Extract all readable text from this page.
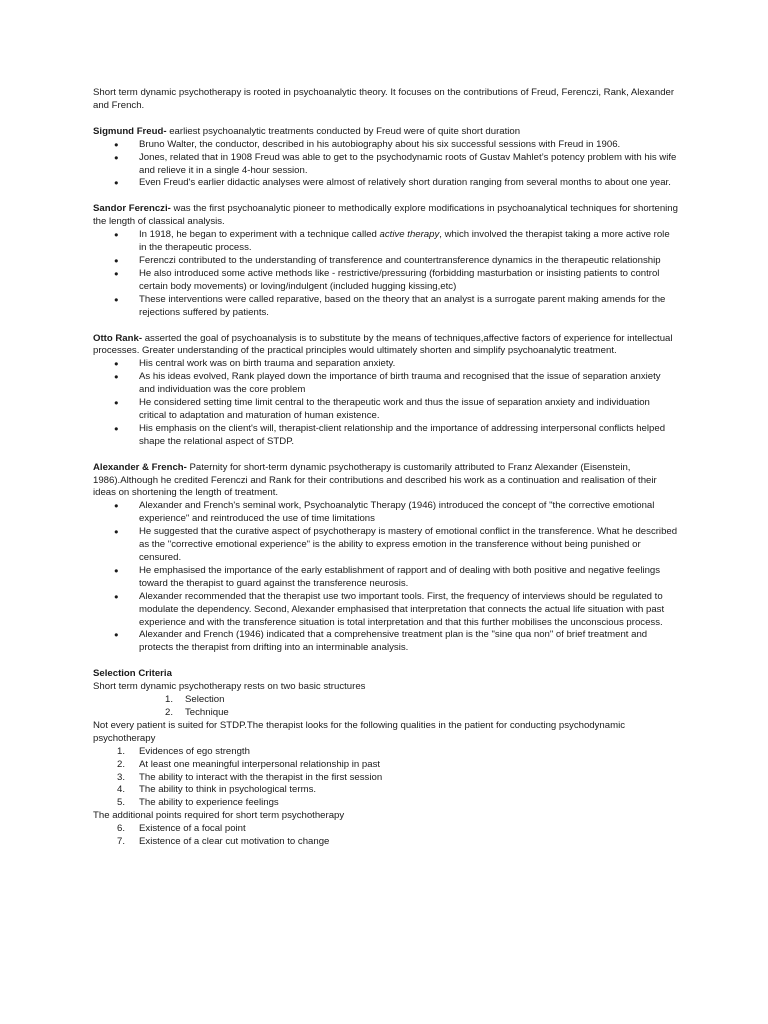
Short term dynamic psychotherapy is rooted in psychoanalytic theory. It focuses on the contributions of Freud, Ferenczi, Rank, Alexander and French.

Sigmund Freud- earliest psychoanalytic treatments conducted by Freud were of quite short duration

● Bruno Walter, the conductor, described in his autobiography about his six successful sessions with Freud in 1906.
● Jones, related that in 1908 Freud was able to get to the psychodynamic roots of Gustav Mahlet’s potency problem with his wife and relieve it in a single 4-hour session.
● Even Freud's earlier didactic analyses were almost of relatively short duration ranging from several months to about one year.

Sandor Ferenczi- was the first psychoanalytic pioneer to methodically explore modifications in psychoanalytical techniques for shortening the length of classical analysis.

● In 1918, he began to experiment with a technique called active therapy, which involved the therapist taking a more active role in the therapeutic process.
● Ferenczi contributed to the understanding of transference and countertransference dynamics in the therapeutic relationship
● He also introduced some active methods like - restrictive/pressuring (forbidding masturbation or insisting patients to control certain body movements) or loving/indulgent (included hugging kissing,etc)
● These interventions were called reparative, based on the theory that an analyst is a surrogate parent making amends for the rejections suffered by patients.

Otto Rank- asserted the goal of psychoanalysis is to substitute by the means of techniques,affective factors of experience for intellectual processes. Greater understanding of the practical principles would ultimately shorten and simplify psychoanalytic treatment.

● His central work was on birth trauma and separation anxiety.
● As his ideas evolved, Rank played down the importance of birth trauma and recognised that the issue of separation anxiety and individuation was the core problem
● He considered setting time limit central to the therapeutic work and thus the issue of separation anxiety and individuation critical to adaptation and maturation of human existence.
● His emphasis on the client's will, therapist-client relationship and the importance of addressing interpersonal conflicts helped shape the relational aspect of STDP.

Alexander & French- Paternity for short-term dynamic psychotherapy is customarily attributed to Franz Alexander (Eisenstein, 1986).Although he credited Ferenczi and Rank for their contributions and described his work as a continuation and realisation of their ideas on shortening the length of treatment.

● Alexander and French's seminal work, Psychoanalytic Therapy (1946) introduced the concept of "the corrective emotional experience" and reintroduced the use of time limitations
● He suggested that the curative aspect of psychotherapy is mastery of emotional conflict in the transference. What he described as the "corrective emotional experience" is the ability to express emotion in the transference without being punished or censured.
● He emphasised the importance of the early establishment of rapport and of dealing with both positive and negative feelings toward the therapist to guard against the transference neurosis.
● Alexander recommended that the therapist use two important tools. First, the frequency of interviews should be regulated to modulate the dependency. Second, Alexander emphasised that interpretation that connects the actual life situation with past experience and with the transference situation is total interpretation and that this further mobilises the unconscious process.
● Alexander and French (1946) indicated that a comprehensive treatment plan is the "sine qua non" of brief treatment and protects the therapist from drifting into an interminable analysis.

Selection Criteria

Short term dynamic psychotherapy rests on two basic structures

1. Selection
2. Technique

Not every patient is suited for STDP.The therapist looks for the following qualities in the patient for conducting psychodynamic psychotherapy

1. Evidences of ego strength
2. At least one meaningful interpersonal relationship in past
3. The ability to interact with the therapist in the first session
4. The ability to think in psychological terms.
5. The ability to experience feelings

The additional points required for short term psychotherapy

6. Existence of a focal point
7. Existence of a clear cut motivation to change
